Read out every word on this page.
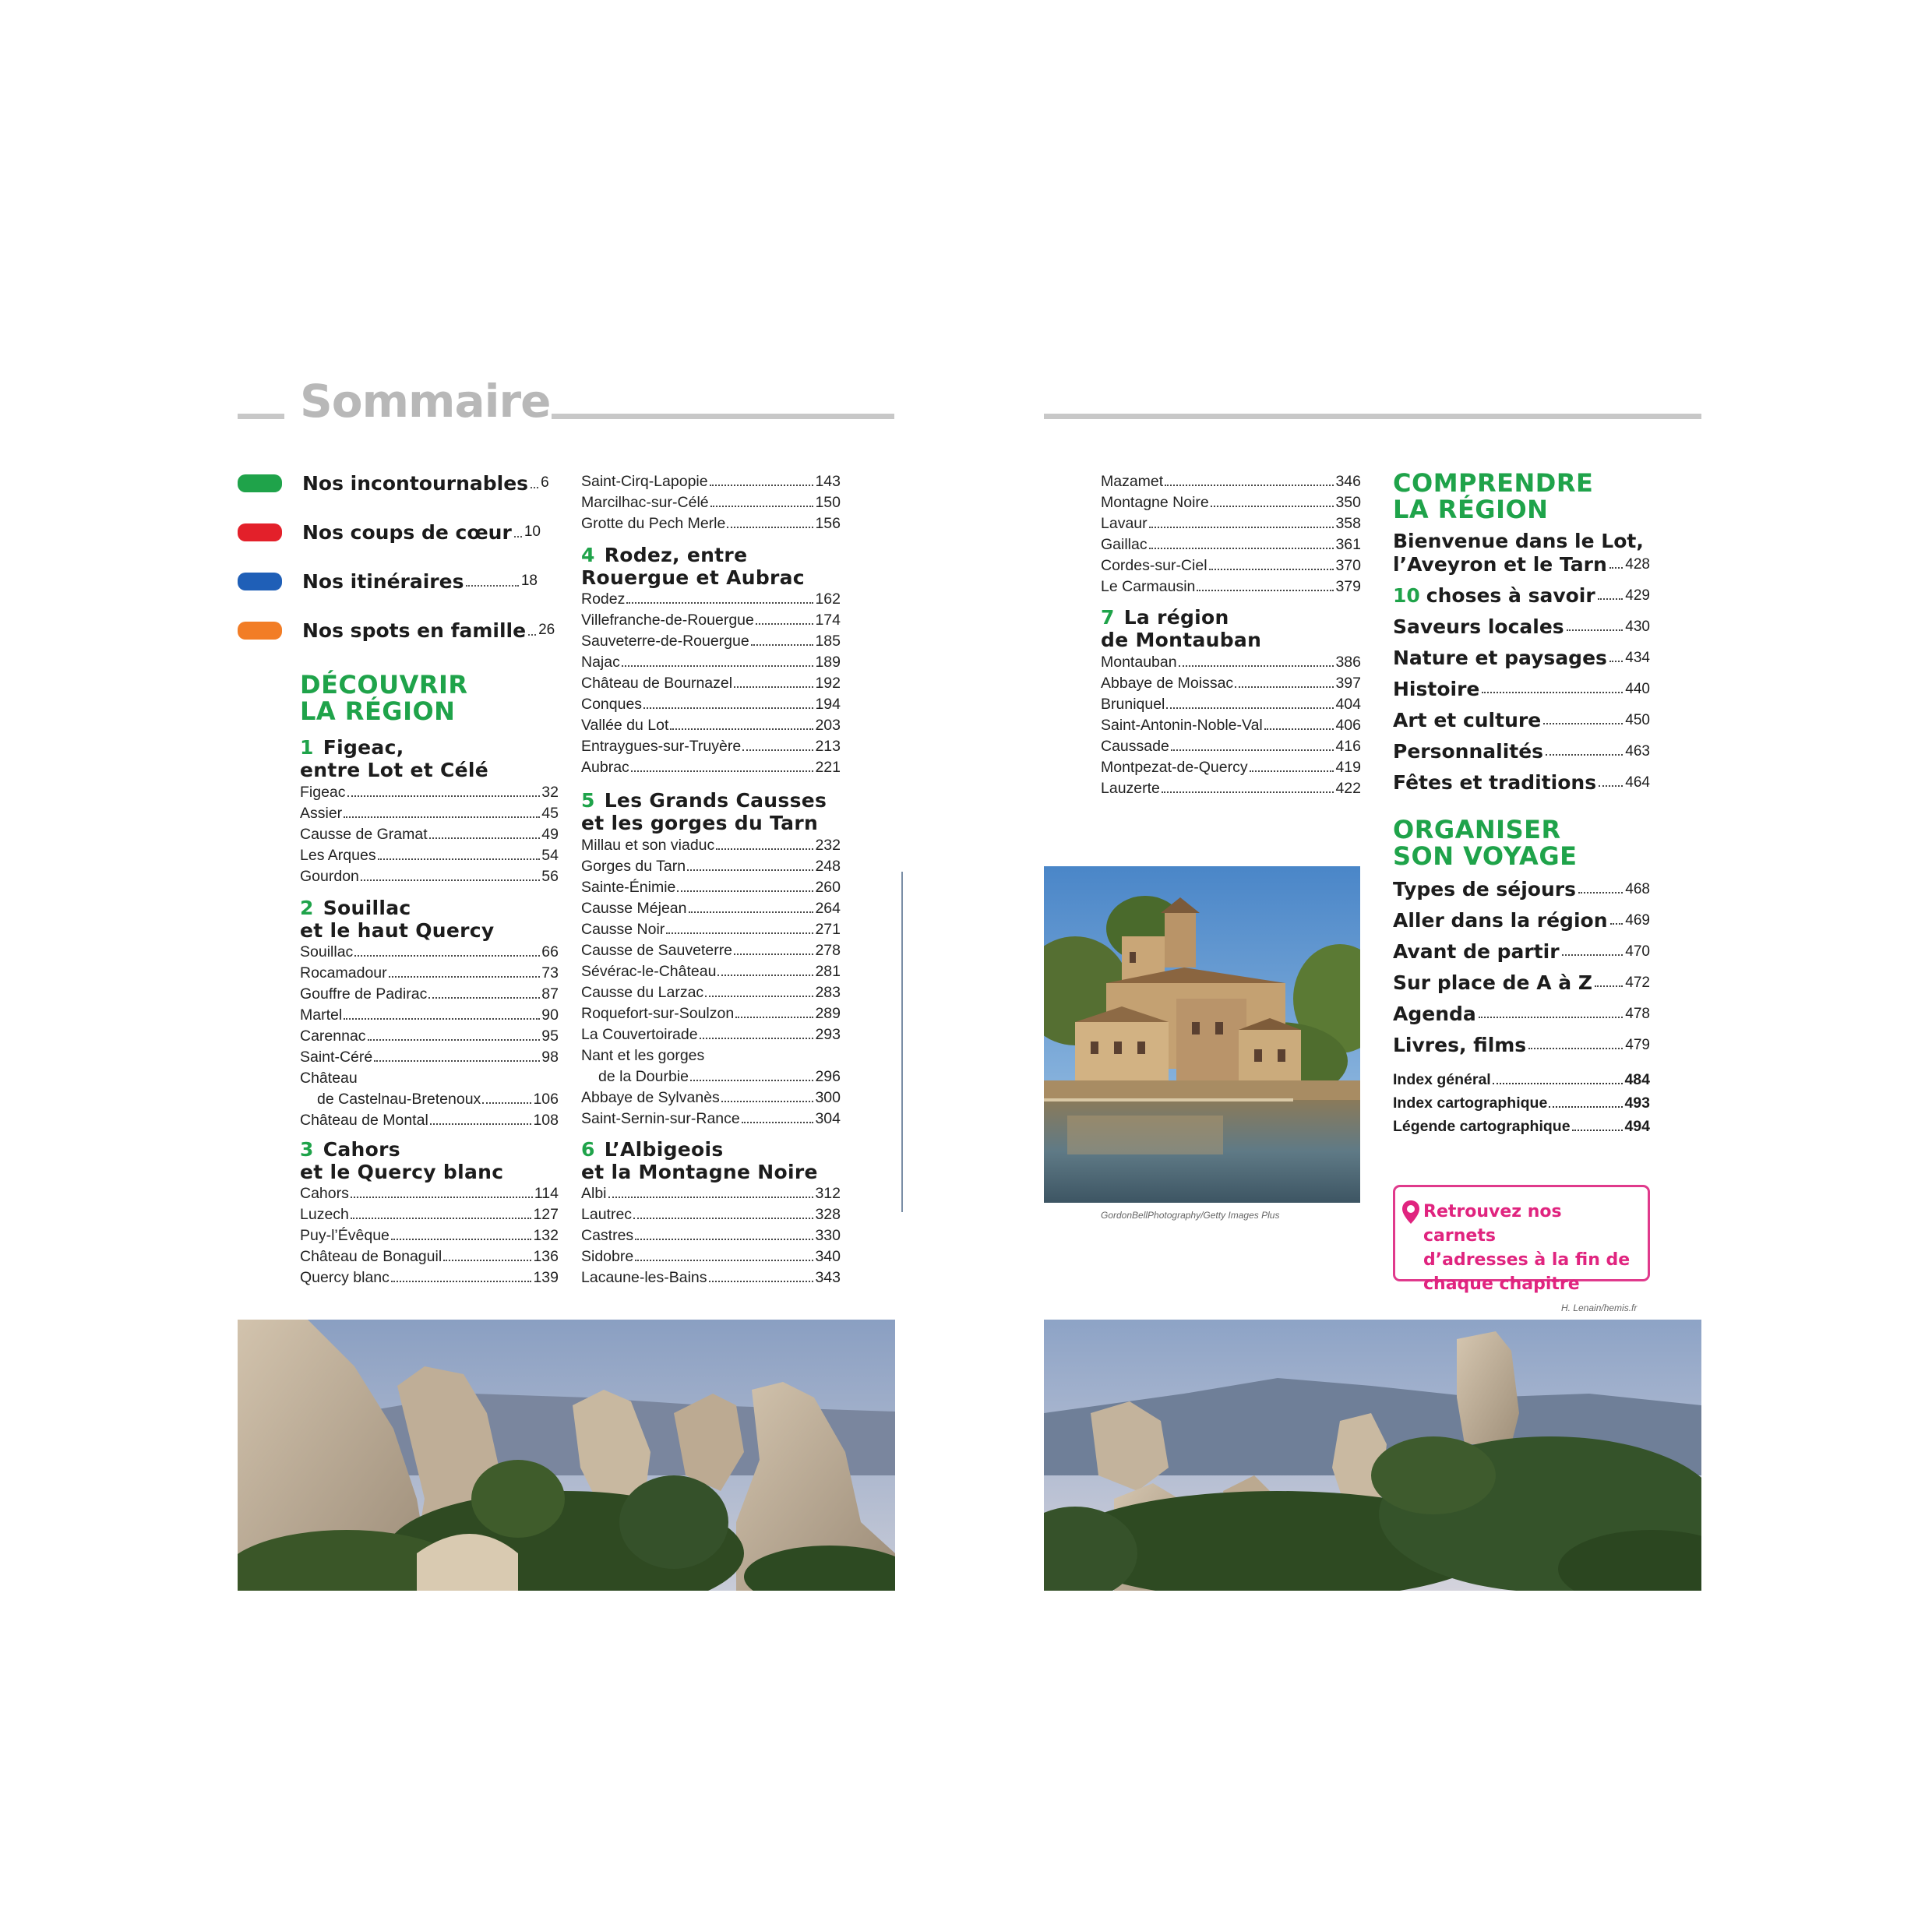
Sommaire
Nos incontournables 6
Nos coups de cœur 10
Nos itinéraires	18
Nos spots en famille 26
DÉCOUVRIR
LA RÉGION
1 Figeac,
entre Lot et Célé
Figeac	32
Assier	45
Causse de Gramat	49
Les Arques	54
Gourdon	56
2 Souillac
et le haut Quercy
Souillac	66
Rocamadour	73
Gouffre de Padirac	87
Martel	90
Carennac	95
Saint-Céré	98
Château
de Castelnau-Bretenoux	106
Château de Montal	108
3 Cahors
et le Quercy blanc
Cahors	114
Luzech	127
Puy-l’Évêque	132
Château de Bonaguil	136
Quercy blanc	139
Saint-Cirq-Lapopie	143
Marcilhac-sur-Célé	150
Grotte du Pech Merle	156
4 Rodez, entre
Rouergue et Aubrac
Rodez	162
Villefranche-de-Rouergue	174
Sauveterre-de-Rouergue	185
Najac	189
Château de Bournazel	192
Conques	194
Vallée du Lot	203
Entraygues-sur-Truyère	213
Aubrac	221
5 Les Grands Causses
et les gorges du Tarn
Millau et son viaduc	232
Gorges du Tarn	248
Sainte-Énimie	260
Causse Méjean	264
Causse Noir	271
Causse de Sauveterre	278
Sévérac-le-Château	281
Causse du Larzac	283
Roquefort-sur-Soulzon	289
La Couvertoirade	293
Nant et les gorges
de la Dourbie	296
Abbaye de Sylvanès	300
Saint-Sernin-sur-Rance	304
6 L’Albigeois
et la Montagne Noire
Albi	312
Lautrec	328
Castres	330
Sidobre	340
Lacaune-les-Bains	343
Mazamet	346
Montagne Noire	350
Lavaur	358
Gaillac	361
Cordes-sur-Ciel	370
Le Carmausin	379
7 La région
de Montauban
Montauban	386
Abbaye de Moissac	397
Bruniquel	404
Saint-Antonin-Noble-Val	406
Caussade	416
Montpezat-de-Quercy	419
Lauzerte	422
GordonBellPhotography/Getty Images Plus
COMPRENDRE
LA RÉGION
Bienvenue dans le Lot,
l’Aveyron et le Tarn 428
10 choses à savoir 429
Saveurs locales	430
Nature et paysages 434
Histoire	440
Art et culture	450
Personnalités	463
Fêtes et traditions 464
ORGANISER
SON VOYAGE
Types de séjours	468
Aller dans la région 469
Avant de partir	470
Sur place de A à Z 472
Agenda	478
Livres, films	479
Index général	484
Index cartographique	493
Légende cartographique	494
Retrouvez nos carnets
d’adresses à la fin de
chaque chapitre
H. Lenain/hemis.fr
